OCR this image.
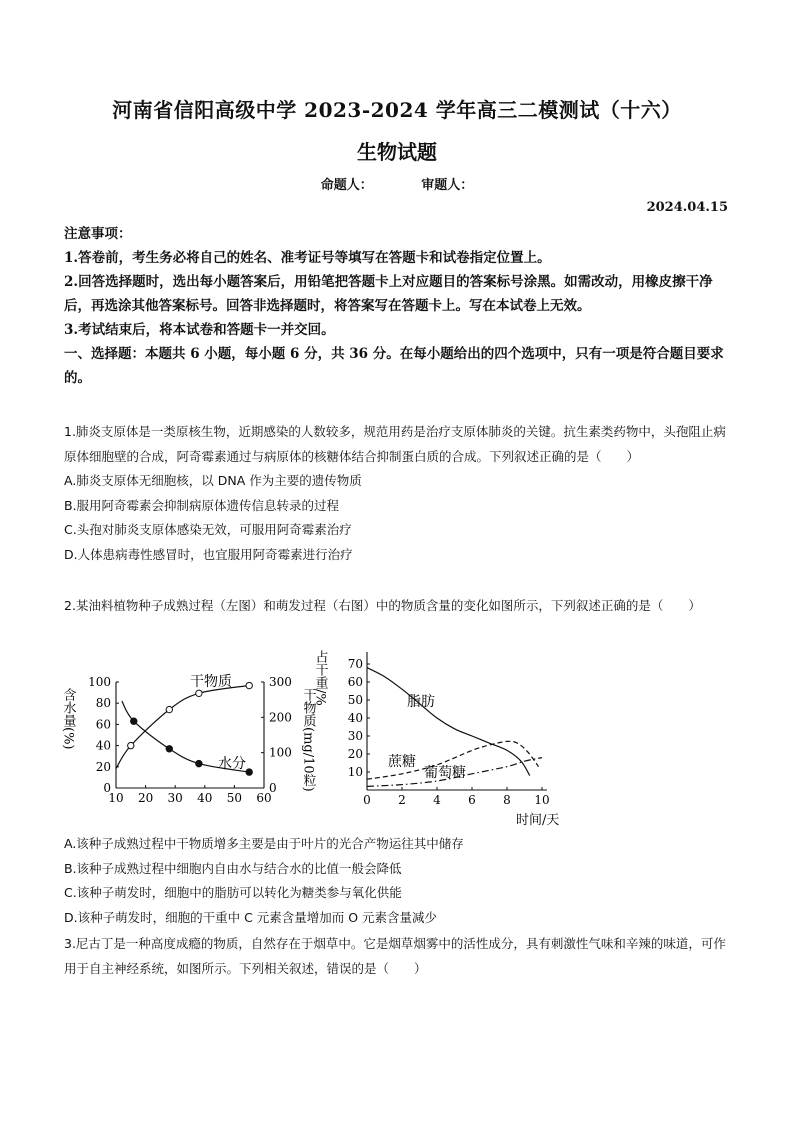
河南省信阳高级中学 2023-2024 学年高三二模测试（十六）
生物试题
命题人：	审题人：
2024.04.15

注意事项：

1.答卷前，考生务必将自己的姓名、准考证号等填写在答题卡和试卷指定位置上。

2.回答选择题时，选出每小题答案后，用铅笔把答题卡上对应题目的答案标号涂黑。如需改动，用橡皮擦干净后，再选涂其他答案标号。回答非选择题时，将答案写在答题卡上。写在本试卷上无效。

3.考试结束后，将本试卷和答题卡一并交回。

一、选择题：本题共 6 小题，每小题 6 分，共 36 分。在每小题给出的四个选项中，只有一项是符合题目要求的。

1.肺炎支原体是一类原核生物，近期感染的人数较多，规范用药是治疗支原体肺炎的关键。抗生素类药物中，头孢阻止病原体细胞壁的合成，阿奇霉素通过与病原体的核糖体结合抑制蛋白质的合成。下列叙述正确的是（　　）

A.肺炎支原体无细胞核，以 DNA 作为主要的遗传物质

B.服用阿奇霉素会抑制病原体遗传信息转录的过程

C.头孢对肺炎支原体感染无效，可服用阿奇霉素治疗

D.人体患病毒性感冒时，也宜服用阿奇霉素进行治疗

2.某油料植物种子成熟过程（左图）和萌发过程（右图）中的物质含量的变化如图所示，下列叙述正确的是（　　）

10 20 30 40 50 60
0
20
40
60
80
100
0
100
200
300
含水量(%)	干物质(mg/10粒)
干物质
水分
0 2 4 6 8 10
10
20
30
40
50
60
70
占干重/%
时间/天
脂肪
蔗糖
葡萄糖

A.该种子成熟过程中干物质增多主要是由于叶片的光合产物运往其中储存

B.该种子成熟过程中细胞内自由水与结合水的比值一般会降低

C.该种子萌发时，细胞中的脂肪可以转化为糖类参与氧化供能

D.该种子萌发时，细胞的干重中 C 元素含量增加而 O 元素含量减少

3.尼古丁是一种高度成瘾的物质，自然存在于烟草中。它是烟草烟雾中的活性成分，具有刺激性气味和辛辣的味道，可作用于自主神经系统，如图所示。下列相关叙述，错误的是（　　）
